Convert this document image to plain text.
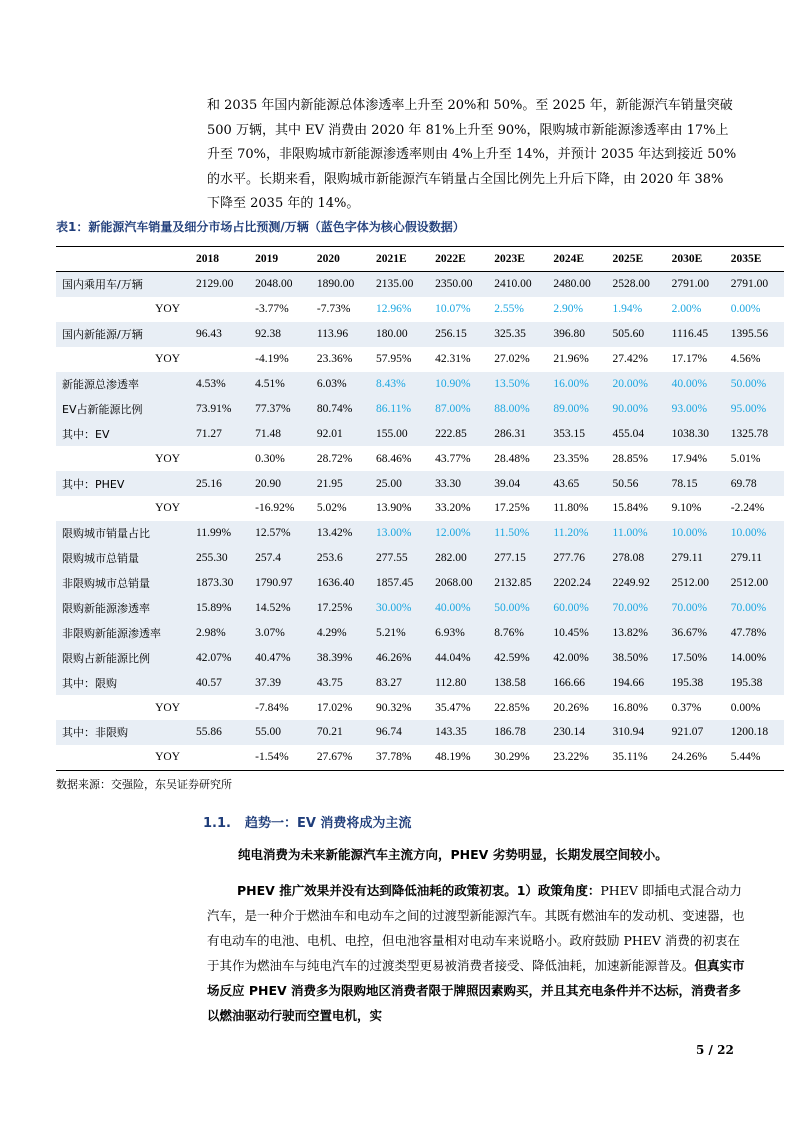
和 2035 年国内新能源总体渗透率上升至 20%和 50%。至 2025 年，新能源汽车销量突破

500 万辆，其中 EV 消费由 2020 年 81%上升至 90%，限购城市新能源渗透率由 17%上

升至 70%，非限购城市新能源渗透率则由 4%上升至 14%，并预计 2035 年达到接近 50%

的水平。长期来看，限购城市新能源汽车销量占全国比例先上升后下降，由 2020 年 38%

下降至 2035 年的 14%。

表1：新能源汽车销量及细分市场占比预测/万辆（蓝色字体为核心假设数据）
	2018	2019	2020	2021E	2022E	2023E	2024E	2025E	2030E	2035E
国内乘用车/万辆	2129.00	2048.00	1890.00	2135.00	2350.00	2410.00	2480.00	2528.00	2791.00	2791.00
YOY		-3.77%	-7.73%	12.96%	10.07%	2.55%	2.90%	1.94%	2.00%	0.00%
国内新能源/万辆	96.43	92.38	113.96	180.00	256.15	325.35	396.80	505.60	1116.45	1395.56
YOY		-4.19%	23.36%	57.95%	42.31%	27.02%	21.96%	27.42%	17.17%	4.56%
新能源总渗透率	4.53%	4.51%	6.03%	8.43%	10.90%	13.50%	16.00%	20.00%	40.00%	50.00%
EV占新能源比例	73.91%	77.37%	80.74%	86.11%	87.00%	88.00%	89.00%	90.00%	93.00%	95.00%
其中：EV	71.27	71.48	92.01	155.00	222.85	286.31	353.15	455.04	1038.30	1325.78
YOY		0.30%	28.72%	68.46%	43.77%	28.48%	23.35%	28.85%	17.94%	5.01%
其中：PHEV	25.16	20.90	21.95	25.00	33.30	39.04	43.65	50.56	78.15	69.78
YOY		-16.92%	5.02%	13.90%	33.20%	17.25%	11.80%	15.84%	9.10%	-2.24%
限购城市销量占比	11.99%	12.57%	13.42%	13.00%	12.00%	11.50%	11.20%	11.00%	10.00%	10.00%
限购城市总销量	255.30	257.4	253.6	277.55	282.00	277.15	277.76	278.08	279.11	279.11
非限购城市总销量	1873.30	1790.97	1636.40	1857.45	2068.00	2132.85	2202.24	2249.92	2512.00	2512.00
限购新能源渗透率	15.89%	14.52%	17.25%	30.00%	40.00%	50.00%	60.00%	70.00%	70.00%	70.00%
非限购新能源渗透率	2.98%	3.07%	4.29%	5.21%	6.93%	8.76%	10.45%	13.82%	36.67%	47.78%
限购占新能源比例	42.07%	40.47%	38.39%	46.26%	44.04%	42.59%	42.00%	38.50%	17.50%	14.00%
其中：限购	40.57	37.39	43.75	83.27	112.80	138.58	166.66	194.66	195.38	195.38
YOY		-7.84%	17.02%	90.32%	35.47%	22.85%	20.26%	16.80%	0.37%	0.00%
其中：非限购	55.86	55.00	70.21	96.74	143.35	186.78	230.14	310.94	921.07	1200.18
YOY		-1.54%	27.67%	37.78%	48.19%	30.29%	23.22%	35.11%	24.26%	5.44%
数据来源：交强险，东吴证券研究所
1.1. 趋势一：EV 消费将成为主流
纯电消费为未来新能源汽车主流方向，PHEV 劣势明显，长期发展空间较小。
PHEV 推广效果并没有达到降低油耗的政策初衷。1）政策角度：PHEV 即插电式混合动力汽车，是一种介于燃油车和电动车之间的过渡型新能源汽车。其既有燃油车的发动机、变速器，也有电动车的电池、电机、电控，但电池容量相对电动车来说略小。政府鼓励 PHEV 消费的初衷在于其作为燃油车与纯电汽车的过渡类型更易被消费者接受、降低油耗，加速新能源普及。但真实市场反应 PHEV 消费多为限购地区消费者限于牌照因素购买，并且其充电条件并不达标，消费者多以燃油驱动行驶而空置电机，实
5 / 22
